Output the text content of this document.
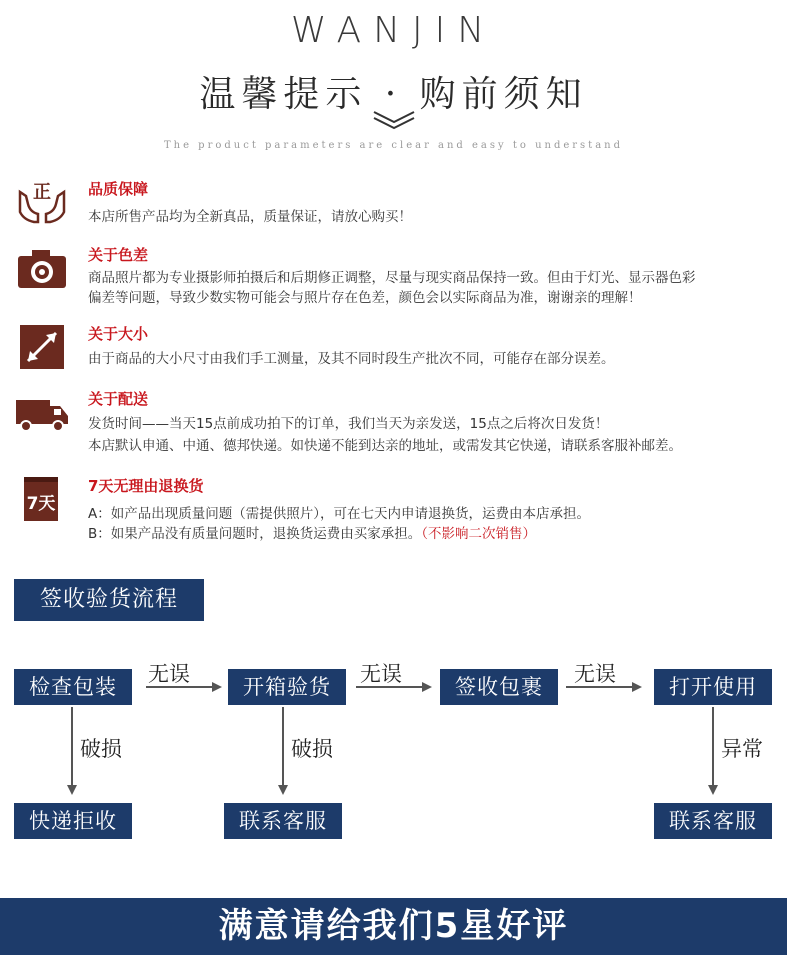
WANJIN
温馨提示 · 购前须知
The product parameters are clear and easy to understand
正 品质保障
本店所售产品均为全新真品，质量保证，请放心购买！
关于色差
商品照片都为专业摄影师拍摄后和后期修正调整，尽量与现实商品保持一致。但由于灯光、显示器色彩
偏差等问题，导致少数实物可能会与照片存在色差，颜色会以实际商品为准，谢谢亲的理解！
关于大小
由于商品的大小尺寸由我们手工测量，及其不同时段生产批次不同，可能存在部分误差。
关于配送
发货时间——当天15点前成功拍下的订单，我们当天为亲发送，15点之后将次日发货！
本店默认申通、中通、德邦快递。如快递不能到达亲的地址，或需发其它快递，请联系客服补邮差。
7天
7天无理由退换货
A：如产品出现质量问题（需提供照片），可在七天内申请退换货，运费由本店承担。
B：如果产品没有质量问题时，退换货运费由买家承担。（不影响二次销售）
签收验货流程
检查包装	开箱验货	签收包裹	打开使用
无误	无误	无误
破损	破损	异常
快递拒收	联系客服	联系客服
满意请给我们5星好评
